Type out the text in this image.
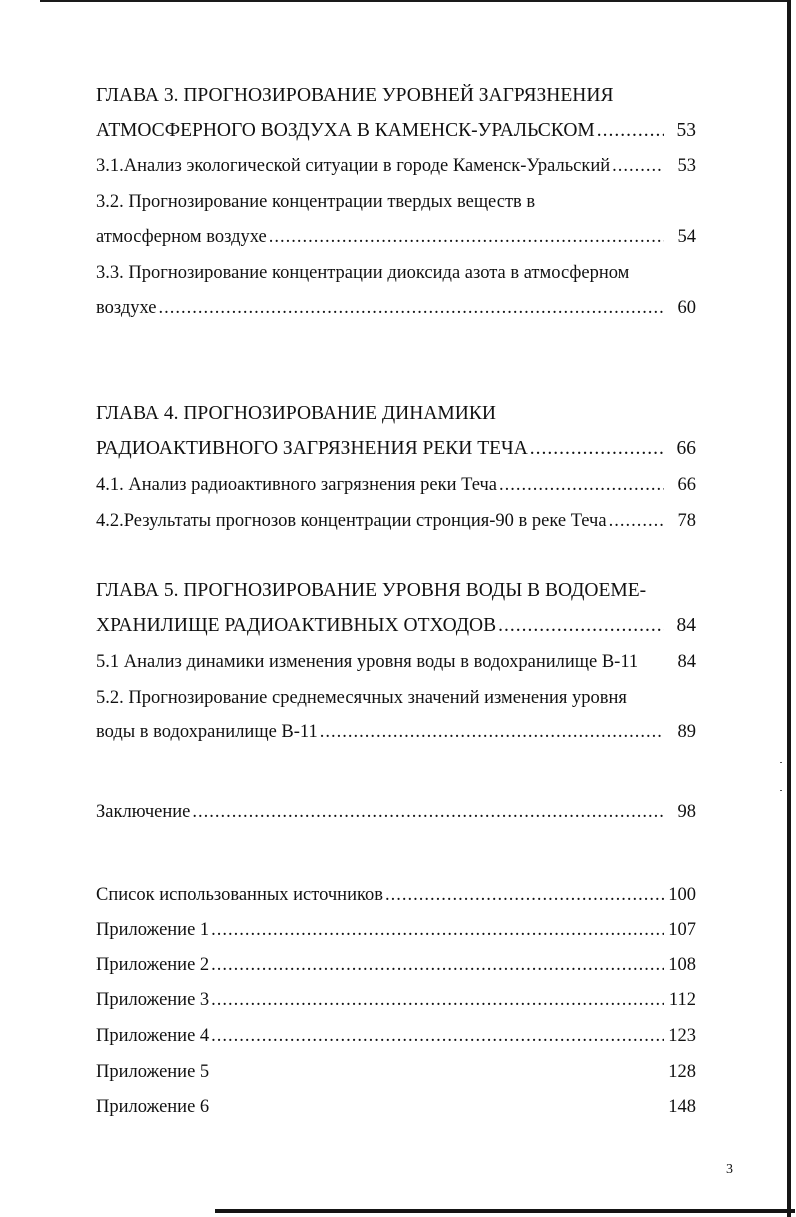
ГЛАВА 3. ПРОГНОЗИРОВАНИЕ УРОВНЕЙ ЗАГРЯЗНЕНИЯ
АТМОСФЕРНОГО ВОЗДУХА В КАМЕНСК-УРАЛЬСКОМ .....	53
3.1.Анализ экологической ситуации в городе Каменск-Уральский .....	53
3.2. Прогнозирование концентрации твердых веществ в
атмосферном воздухе .....	54
3.3. Прогнозирование концентрации диоксида азота в атмосферном
воздухе .....	60
ГЛАВА 4. ПРОГНОЗИРОВАНИЕ ДИНАМИКИ
РАДИОАКТИВНОГО ЗАГРЯЗНЕНИЯ РЕКИ ТЕЧА .....	66
4.1. Анализ радиоактивного загрязнения реки Теча .....	66
4.2.Результаты прогнозов концентрации стронция-90 в реке Теча .....	78
ГЛАВА 5. ПРОГНОЗИРОВАНИЕ УРОВНЯ ВОДЫ В ВОДОЕМЕ-
ХРАНИЛИЩЕ РАДИОАКТИВНЫХ ОТХОДОВ .....	84
5.1 Анализ динамики изменения уровня воды в водохранилище В-11	84
5.2. Прогнозирование среднемесячных значений изменения уровня
воды в водохранилище В-11 .....	89
Заключение .....	98
Список использованных источников .....	100
Приложение 1 .....	107
Приложение 2 .....	108
Приложение 3 .....	112
Приложение 4 .....	123
Приложение 5	128
Приложение 6	148
3
